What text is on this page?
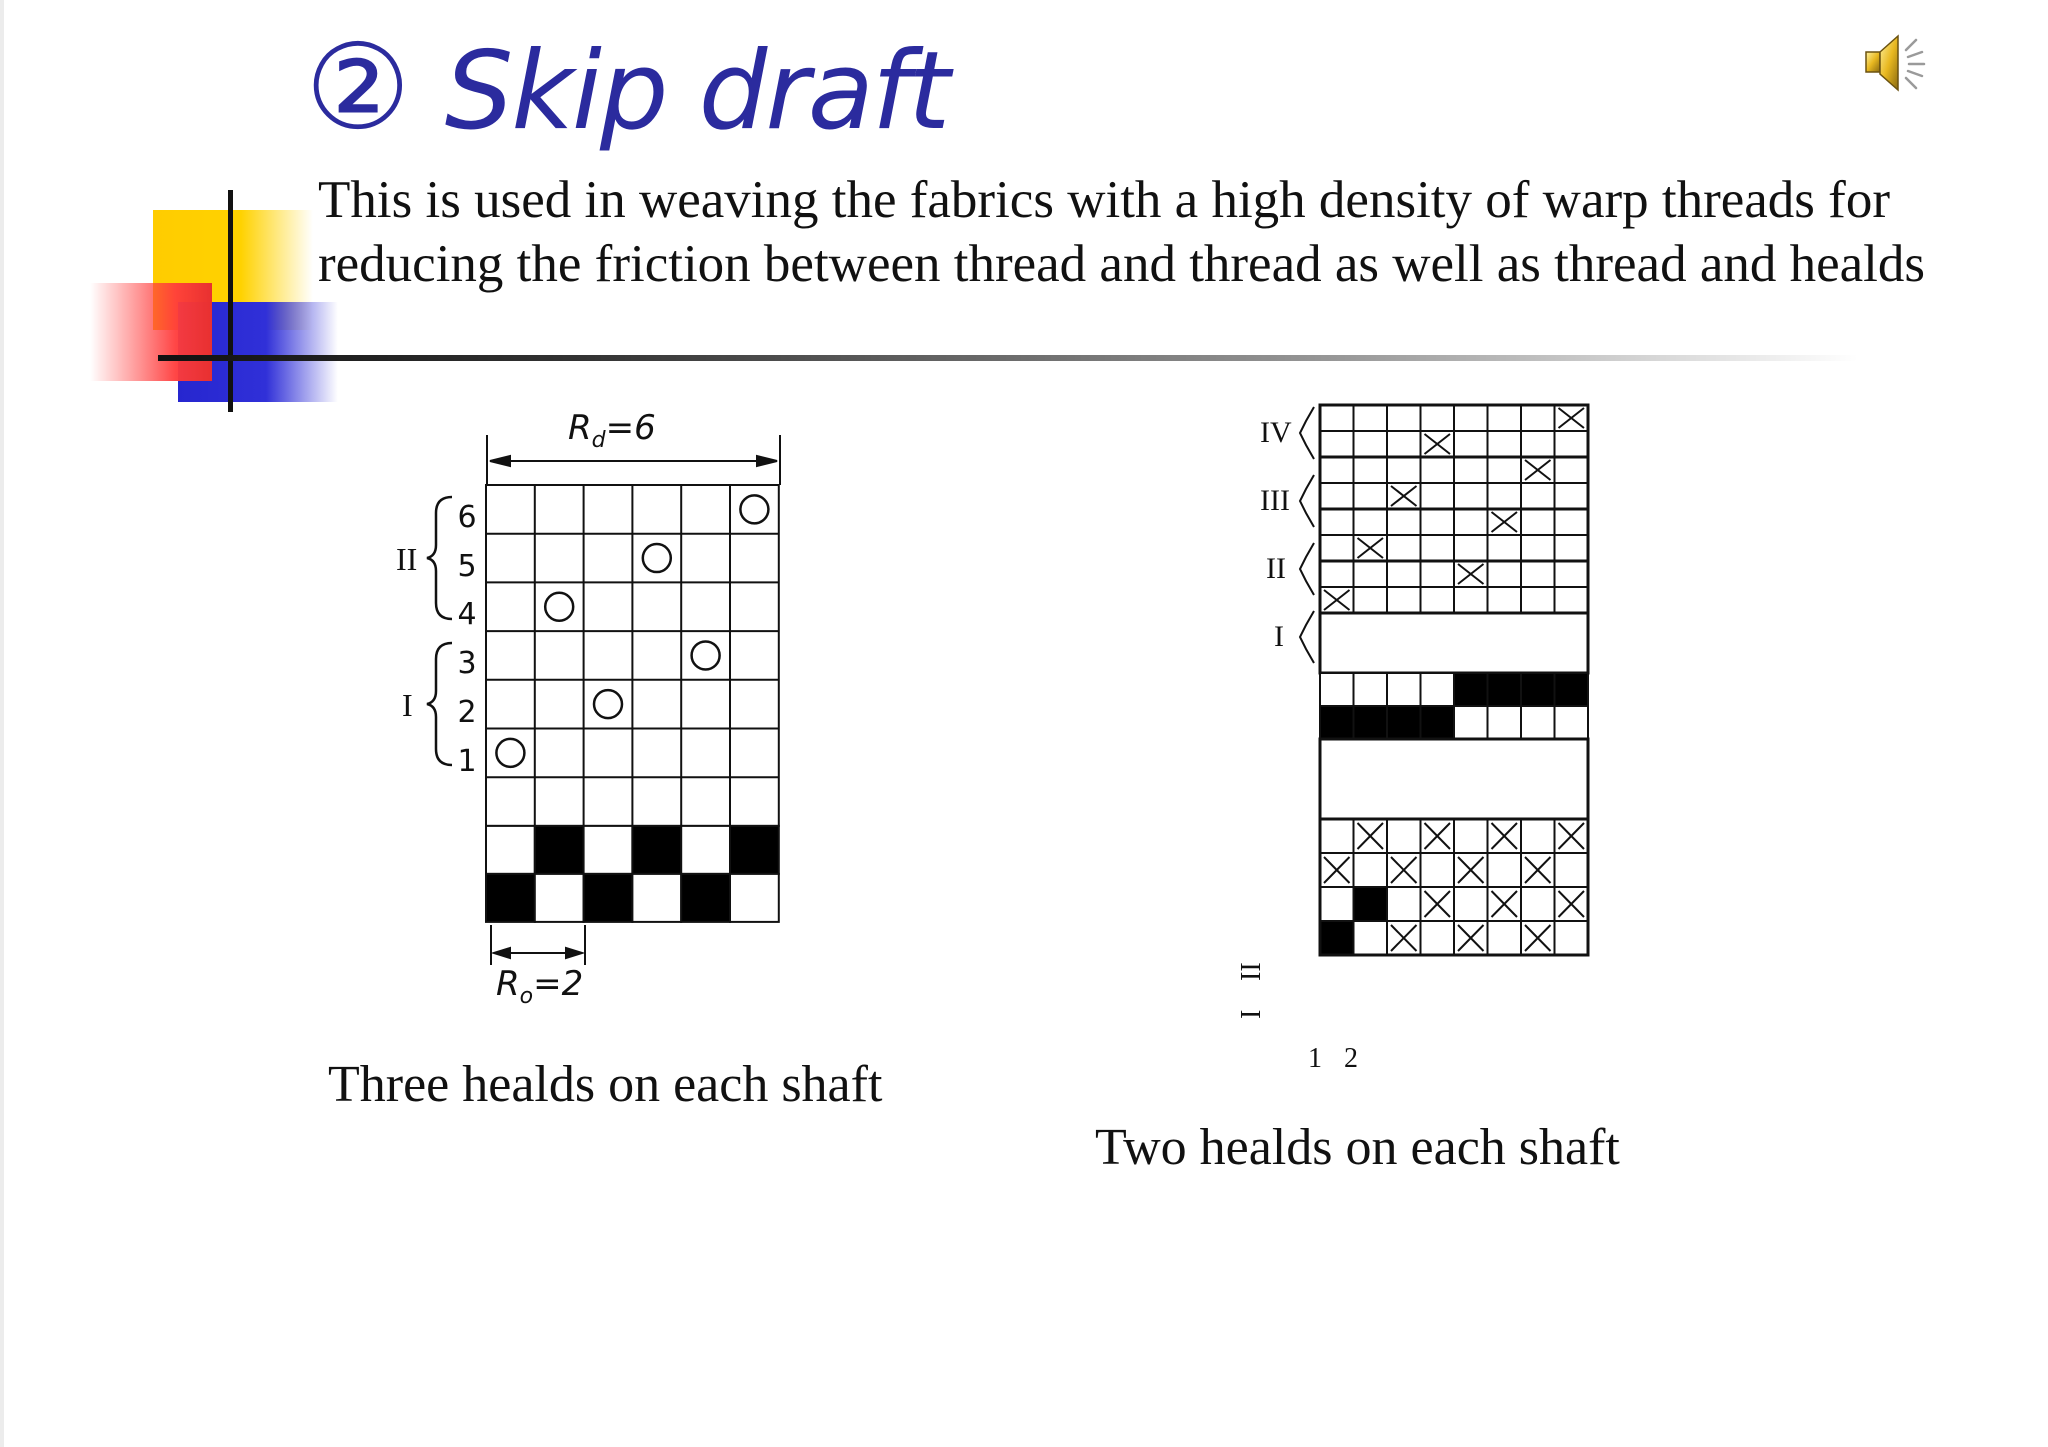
② Skip draft

This is used in weaving the fabrics with a high density of warp threads for reducing the friction between thread and thread as well as thread and healds

$R_d=6$
$R_o=2$
6
5
4
3
2
1
II
I
IV
III
II
I
II
I
1 2

Three healds on each shaft

Two healds on each shaft
